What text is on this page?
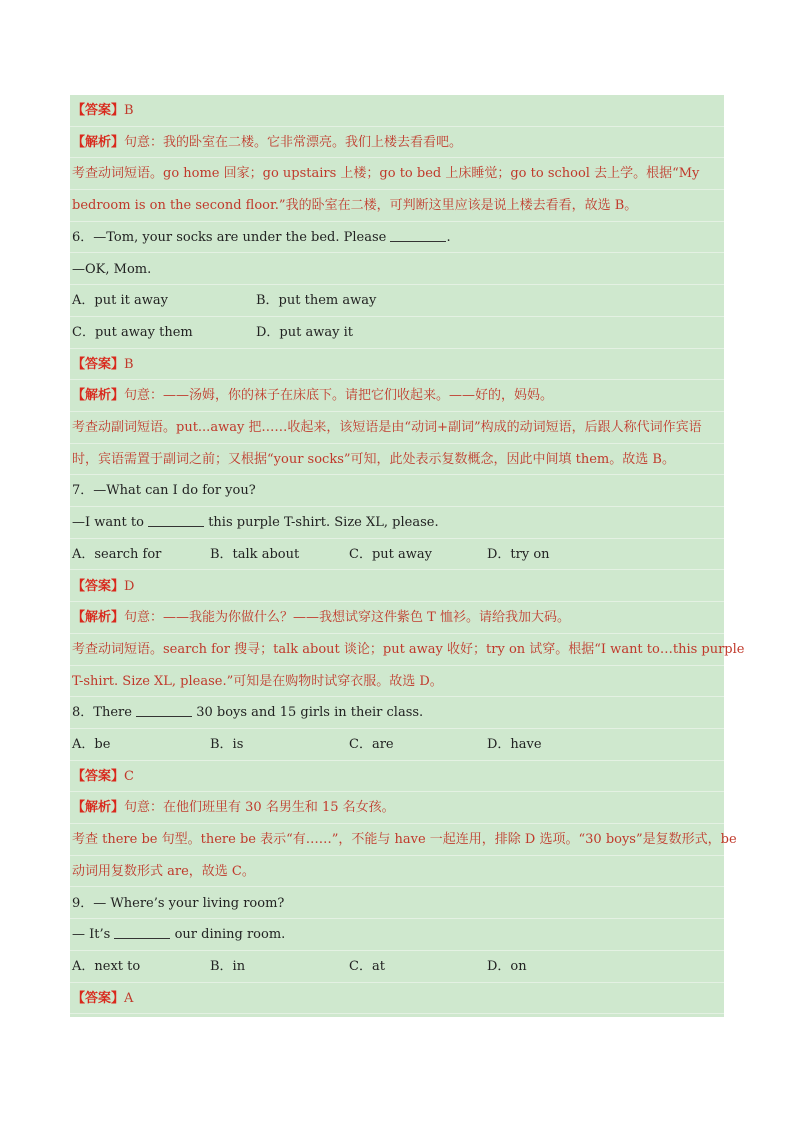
【答案】B
【解析】句意：我的卧室在二楼。它非常漂亮。我们上楼去看看吧。
考查动词短语。go home 回家；go upstairs 上楼；go to bed 上床睡觉；go to school 去上学。根据“My
bedroom is on the second floor.”我的卧室在二楼，可判断这里应该是说上楼去看看，故选 B。
6．—Tom, your socks are under the bed. Please	.
—OK, Mom.
A．put it away	B．put them away
C．put away them	D．put away it
【答案】B
【解析】句意：——汤姆，你的袜子在床底下。请把它们收起来。——好的，妈妈。
考查动副词短语。put...away 把……收起来，该短语是由“动词+副词”构成的动词短语，后跟人称代词作宾语
时，宾语需置于副词之前；又根据“your socks”可知，此处表示复数概念，因此中间填 them。故选 B。
7．—What can I do for you?
—I want to	this purple T-shirt. Size XL, please.
A．search for	B．talk about	C．put away	D．try on
【答案】D
【解析】句意：——我能为你做什么？——我想试穿这件紫色 T 恤衫。请给我加大码。
考查动词短语。search for 搜寻；talk about 谈论；put away 收好；try on 试穿。根据“I want to…this purple
T-shirt. Size XL, please.”可知是在购物时试穿衣服。故选 D。
8．There	30 boys and 15 girls in their class.
A．be	B．is	C．are	D．have
【答案】C
【解析】句意：在他们班里有 30 名男生和 15 名女孩。
考查 there be 句型。there be 表示“有……”，不能与 have 一起连用，排除 D 选项。“30 boys”是复数形式，be
动词用复数形式 are，故选 C。
9．— Where’s your living room?
— It’s	our dining room.
A．next to	B．in	C．at	D．on
【答案】A
